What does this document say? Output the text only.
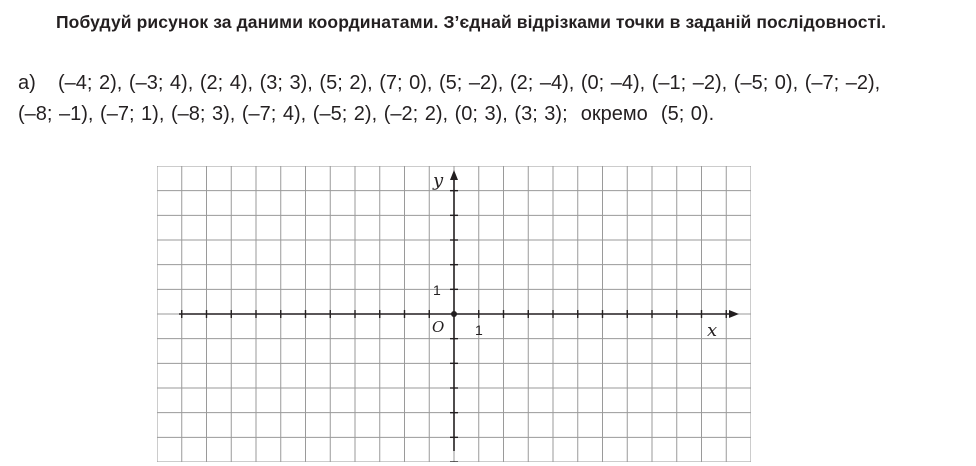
Побудуй рисунок за даними координатами. З’єднай відрізками точки в заданій послідовності.
а) (–4; 2), (–3; 4), (2; 4), (3; 3), (5; 2), (7; 0), (5; –2), (2; –4), (0; –4), (–1; –2), (–5; 0), (–7; –2), (–8; –1), (–7; 1), (–8; 3), (–7; 4), (–5; 2), (–2; 2), (0; 3), (3; 3); окремо (5; 0).
x
y
O 1
1
